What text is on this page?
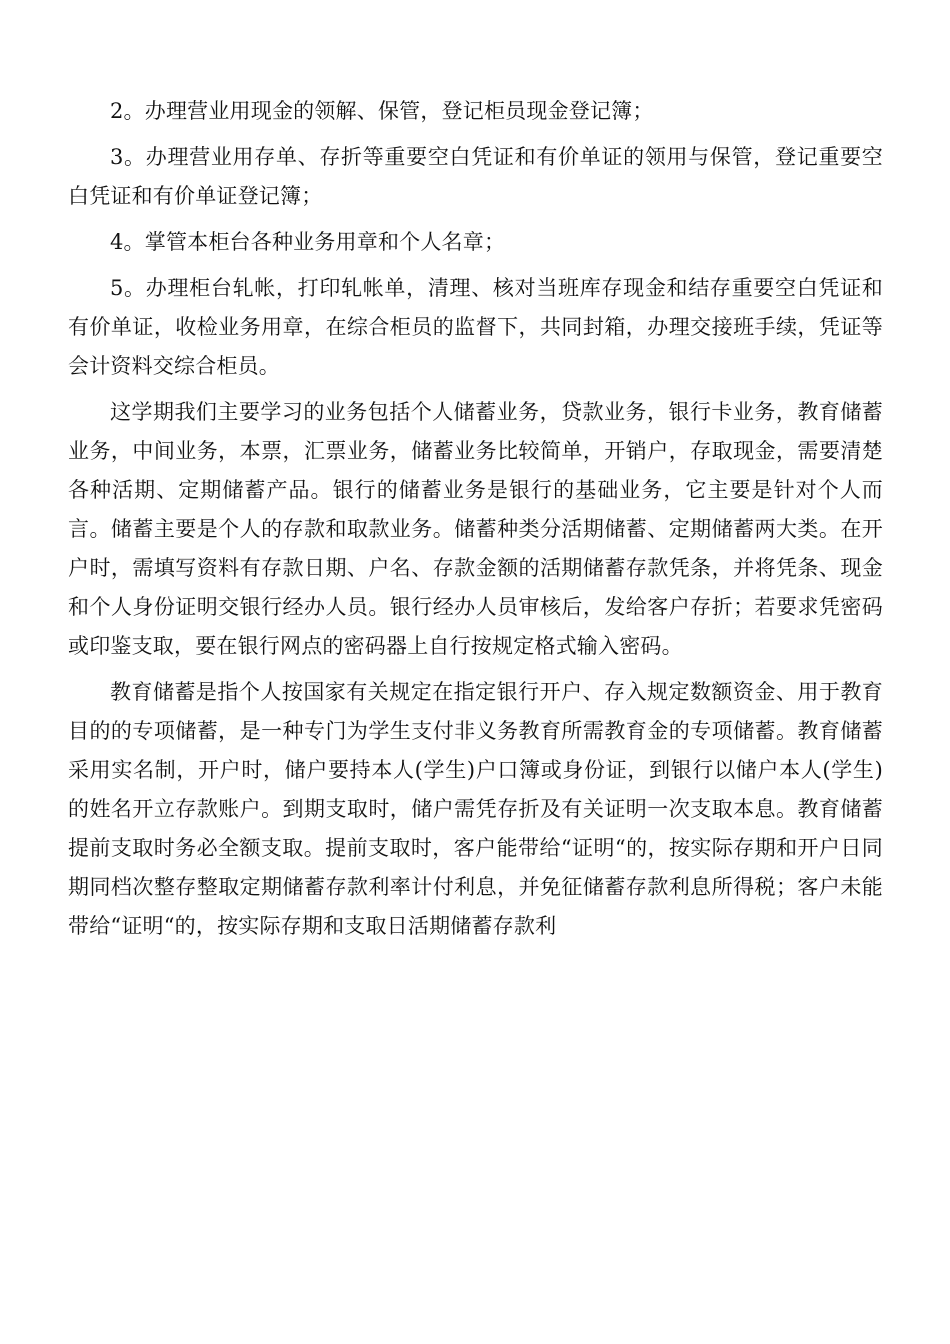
2。办理营业用现金的领解、保管，登记柜员现金登记簿；

3。办理营业用存单、存折等重要空白凭证和有价单证的领用与保管，登记重要空白凭证和有价单证登记簿；

4。掌管本柜台各种业务用章和个人名章；

5。办理柜台轧帐，打印轧帐单，清理、核对当班库存现金和结存重要空白凭证和有价单证，收检业务用章，在综合柜员的监督下，共同封箱，办理交接班手续，凭证等会计资料交综合柜员。

这学期我们主要学习的业务包括个人储蓄业务，贷款业务，银行卡业务，教育储蓄业务，中间业务，本票，汇票业务，储蓄业务比较简单，开销户，存取现金，需要清楚各种活期、定期储蓄产品。银行的储蓄业务是银行的基础业务，它主要是针对个人而言。储蓄主要是个人的存款和取款业务。储蓄种类分活期储蓄、定期储蓄两大类。在开户时，需填写资料有存款日期、户名、存款金额的活期储蓄存款凭条，并将凭条、现金和个人身份证明交银行经办人员。银行经办人员审核后，发给客户存折；若要求凭密码或印鉴支取，要在银行网点的密码器上自行按规定格式输入密码。

教育储蓄是指个人按国家有关规定在指定银行开户、存入规定数额资金、用于教育目的的专项储蓄，是一种专门为学生支付非义务教育所需教育金的专项储蓄。教育储蓄采用实名制，开户时，储户要持本人(学生)户口簿或身份证，到银行以储户本人(学生)的姓名开立存款账户。到期支取时，储户需凭存折及有关证明一次支取本息。教育储蓄提前支取时务必全额支取。提前支取时，客户能带给“证明“的，按实际存期和开户日同期同档次整存整取定期储蓄存款利率计付利息，并免征储蓄存款利息所得税；客户未能带给“证明“的，按实际存期和支取日活期储蓄存款利
